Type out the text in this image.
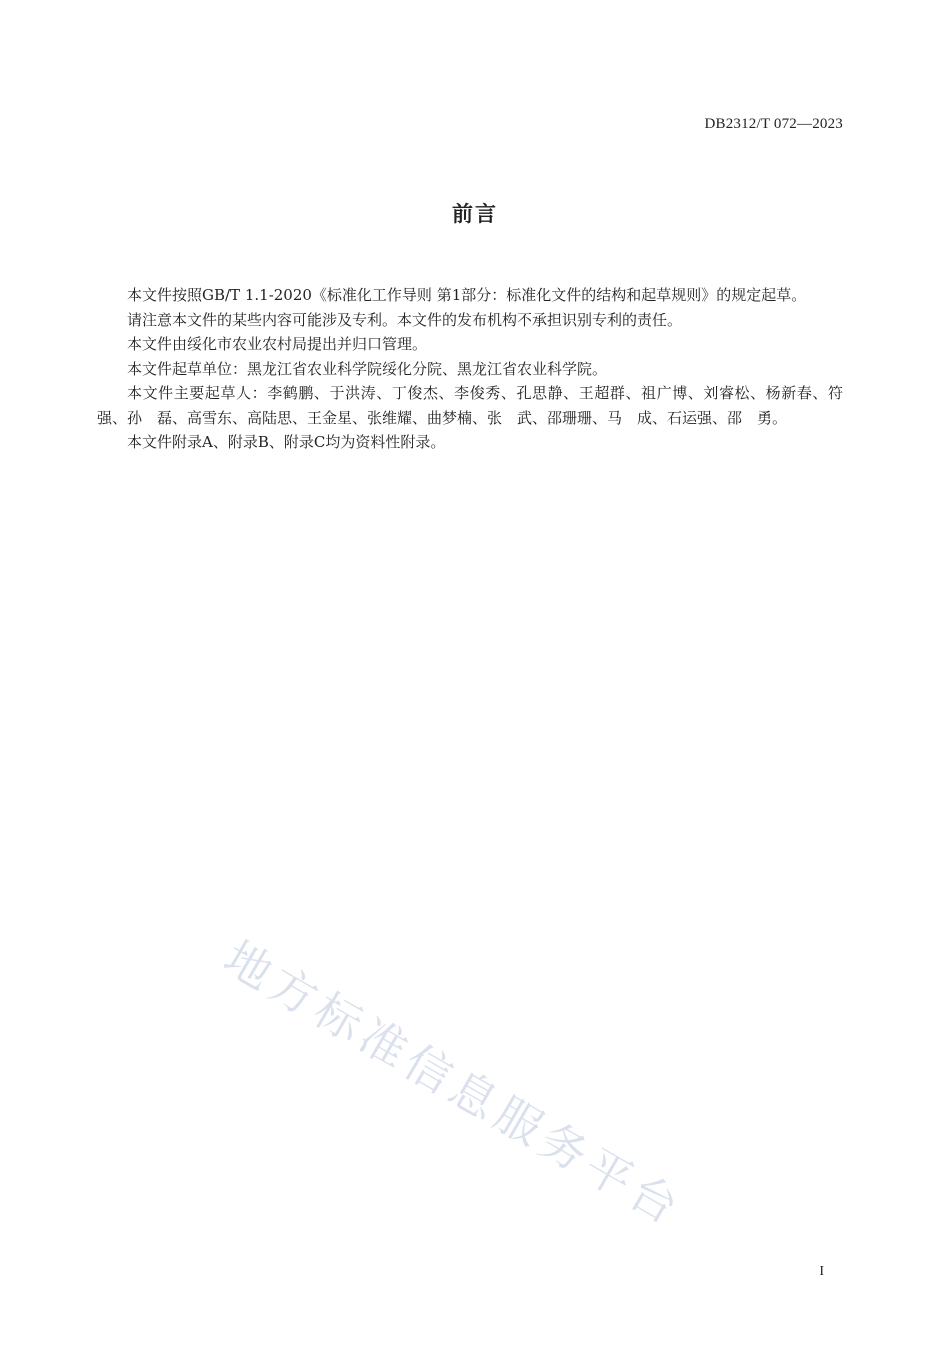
DB2312/T 072—2023
前言

本文件按照GB/T 1.1-2020《标准化工作导则 第1部分：标准化文件的结构和起草规则》的规定起草。

请注意本文件的某些内容可能涉及专利。本文件的发布机构不承担识别专利的责任。

本文件由绥化市农业农村局提出并归口管理。

本文件起草单位：黑龙江省农业科学院绥化分院、黑龙江省农业科学院。

本文件主要起草人：李鹤鹏、于洪涛、丁俊杰、李俊秀、孔思静、王超群、祖广博、刘睿松、杨新春、符　强、孙　磊、高雪东、高陆思、王金星、张维耀、曲梦楠、张　武、邵珊珊、马　成、石运强、邵　勇。

本文件附录A、附录B、附录C均为资料性附录。

地方标准信息服务平台
I
